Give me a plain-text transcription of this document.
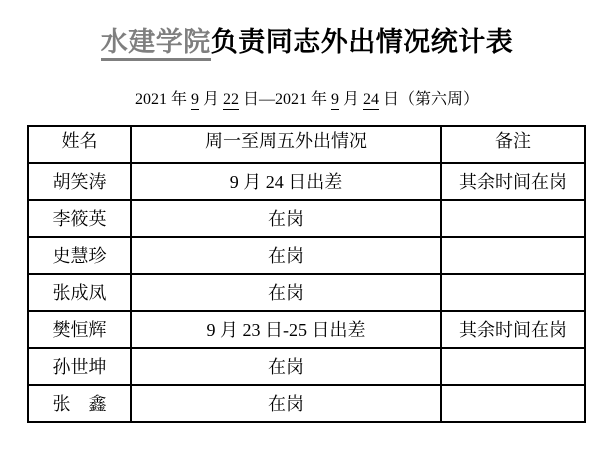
水建学院负责同志外出情况统计表
2021 年 9 月 22 日—2021 年 9 月 24 日（第六周）
姓名	周一至周五外出情况	备注
胡笑涛	9 月 24 日出差	其余时间在岗
李筱英	在岗	
史慧珍	在岗	
张成凤	在岗	
樊恒辉	9 月 23 日-25 日出差	其余时间在岗
孙世坤	在岗	
张　鑫	在岗	
